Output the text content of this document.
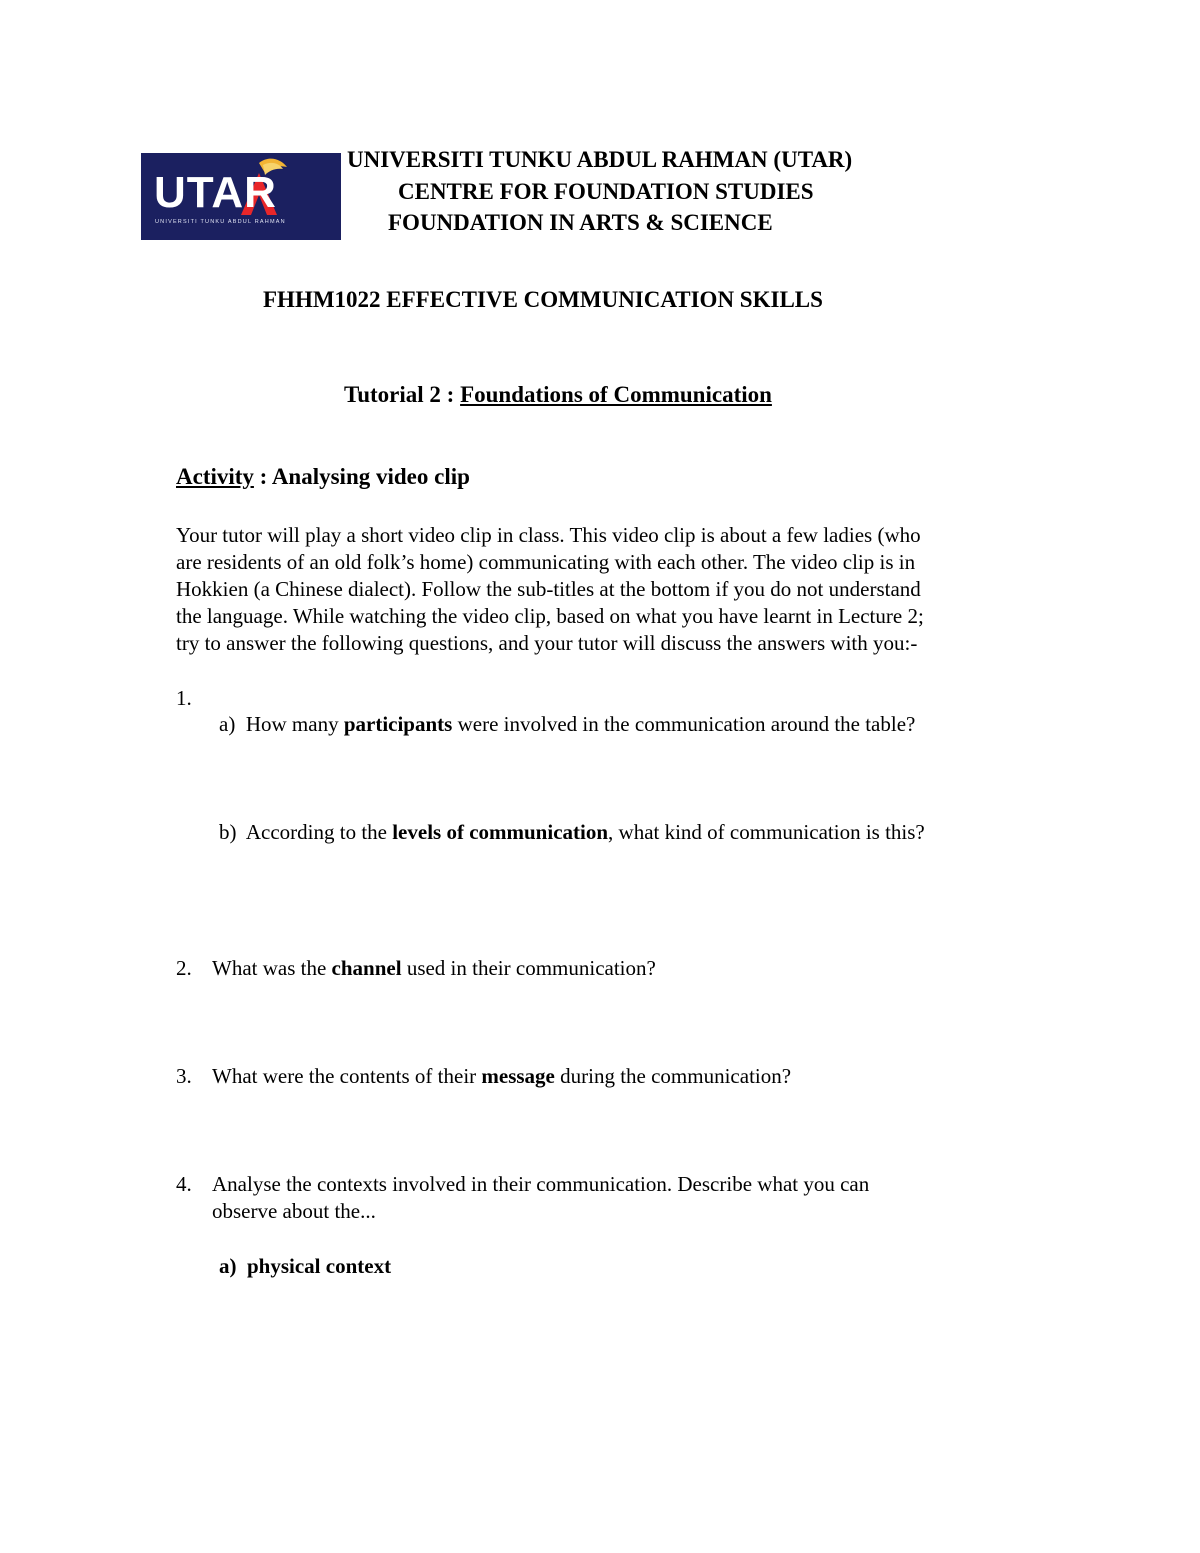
UTAR
UNIVERSITI TUNKU ABDUL RAHMAN
UNIVERSITI TUNKU ABDUL RAHMAN (UTAR)
CENTRE FOR FOUNDATION STUDIES
FOUNDATION IN ARTS & SCIENCE
FHHM1022 EFFECTIVE COMMUNICATION SKILLS
Tutorial 2 : Foundations of Communication
Activity : Analysing video clip
Your tutor will play a short video clip in class. This video clip is about a few ladies (who
are residents of an old folk’s home) communicating with each other. The video clip is in
Hokkien (a Chinese dialect). Follow the sub-titles at the bottom if you do not understand
the language. While watching the video clip, based on what you have learnt in Lecture 2;
try to answer the following questions, and your tutor will discuss the answers with you:-
1.
a) How many participants were involved in the communication around the table?
b) According to the levels of communication, what kind of communication is this?
2. What was the channel used in their communication?
3. What were the contents of their message during the communication?
4. Analyse the contexts involved in their communication. Describe what you can
observe about the...
a) physical context
